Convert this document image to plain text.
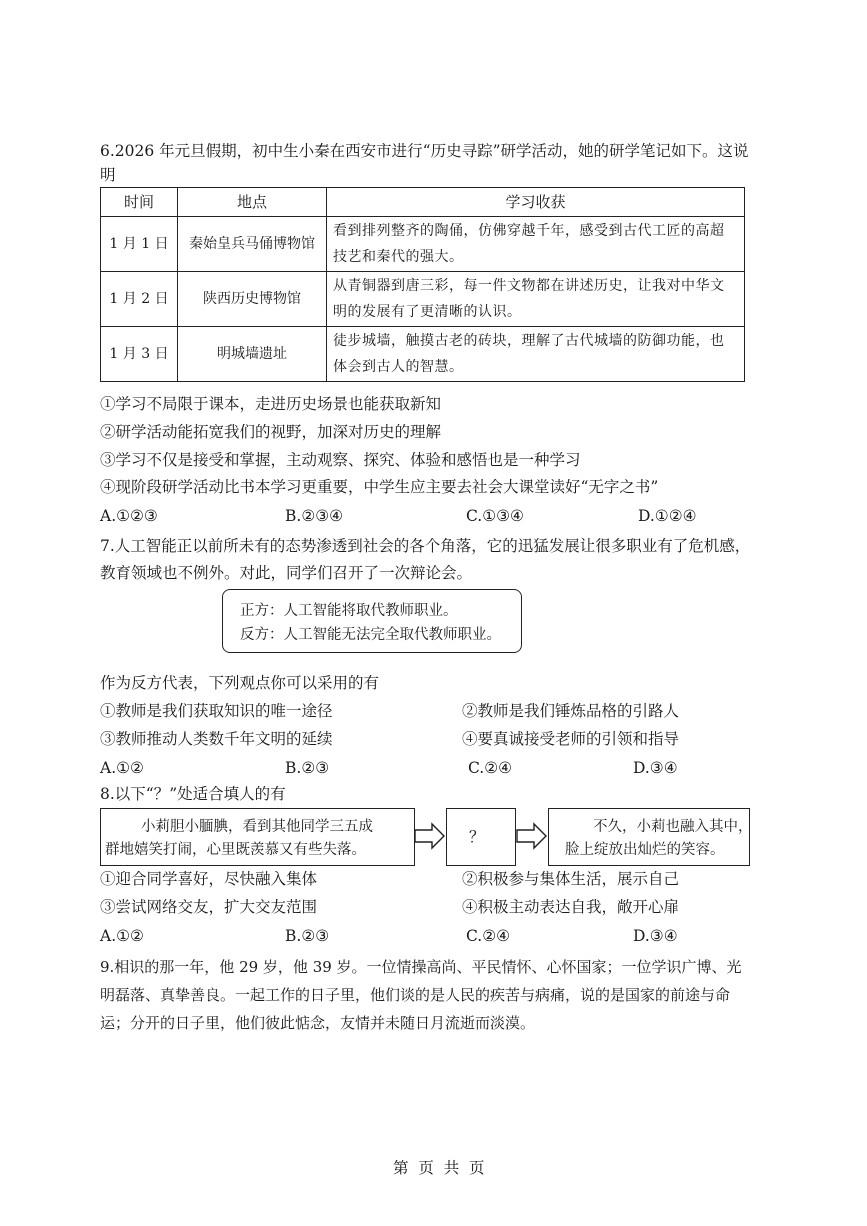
6.2026 年元旦假期，初中生小秦在西安市进行“历史寻踪”研学活动，她的研学笔记如下。这说
明
时间	地点	学习收获
1 月 1 日	秦始皇兵马俑博物馆	看到排列整齐的陶俑，仿佛穿越千年，感受到古代工匠的高超技艺和秦代的强大。
1 月 2 日	陕西历史博物馆	从青铜器到唐三彩，每一件文物都在讲述历史，让我对中华文明的发展有了更清晰的认识。
1 月 3 日	明城墙遗址	徒步城墙，触摸古老的砖块，理解了古代城墙的防御功能，也体会到古人的智慧。
①学习不局限于课本，走进历史场景也能获取新知
②研学活动能拓宽我们的视野，加深对历史的理解
③学习不仅是接受和掌握，主动观察、探究、体验和感悟也是一种学习
④现阶段研学活动比书本学习更重要，中学生应主要去社会大课堂读好“无字之书”
A.①②③	B.②③④	C.①③④	D.①②④
7.人工智能正以前所未有的态势渗透到社会的各个角落，它的迅猛发展让很多职业有了危机感，
教育领域也不例外。对此，同学们召开了一次辩论会。
正方：人工智能将取代教师职业。
反方：人工智能无法完全取代教师职业。
作为反方代表，下列观点你可以采用的有
①教师是我们获取知识的唯一途径	②教师是我们锤炼品格的引路人
③教师推动人类数千年文明的延续	④要真诚接受老师的引领和指导
A.①②	B.②③	C.②④	D.③④
8.以下“？”处适合填人的有
小莉胆小腼腆，看到其他同学三五成
群地嬉笑打闹，心里既羡慕又有些失落。
？
不久，小莉也融入其中，
脸上绽放出灿烂的笑容。
①迎合同学喜好，尽快融入集体	②积极参与集体生活，展示自己
③尝试网络交友，扩大交友范围	④积极主动表达自我，敞开心扉
A.①②	B.②③	C.②④	D.③④
9.相识的那一年，他 29 岁，他 39 岁。一位情操高尚、平民情怀、心怀国家；一位学识广博、光
明磊落、真挚善良。一起工作的日子里，他们谈的是人民的疾苦与病痛，说的是国家的前途与命
运；分开的日子里，他们彼此惦念，友情并未随日月流逝而淡漠。
第  页  共  页
